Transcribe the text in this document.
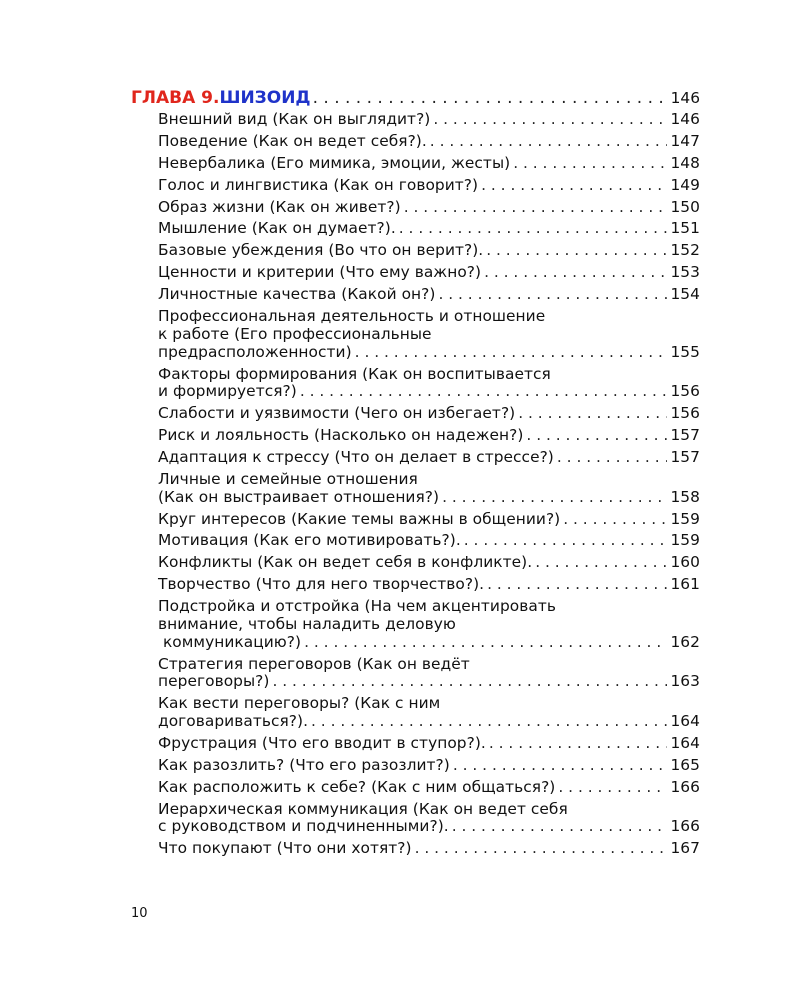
ГЛАВА 9. ШИЗОИД . . .	146
Внешний вид (Как он выглядит?) . . .	146
Поведение (Как он ведет себя?). . . .	147
Невербалика (Его мимика, эмоции, жесты) . . .	148
Голос и лингвистика (Как он говорит?) . . .	149
Образ жизни (Как он живет?) . . .	150
Мышление (Как он думает?). . . .	151
Базовые убеждения (Во что он верит?). . . .	152
Ценности и критерии (Что ему важно?) . . .	153
Личностные качества (Какой он?) . . .	154
Профессиональная деятельность и отношение
к работе (Его профессиональные
предрасположенности) . . .	155
Факторы формирования (Как он воспитывается
и формируется?) . . .	156
Слабости и уязвимости (Чего он избегает?) . . .	156
Риск и лояльность (Насколько он надежен?) . . .	157
Адаптация к стрессу (Что он делает в стрессе?) . . .	157
Личные и семейные отношения
(Как он выстраивает отношения?) . . .	158
Круг интересов (Какие темы важны в общении?) . . .	159
Мотивация (Как его мотивировать?). . . .	159
Конфликты (Как он ведет себя в конфликте). . . .	160
Творчество (Что для него творчество?). . . .	161
Подстройка и отстройка (На чем акцентировать
внимание, чтобы наладить деловую
коммуникацию?) . . .	162
Стратегия переговоров (Как он ведёт
переговоры?) . . .	163
Как вести переговоры? (Как с ним
договариваться?). . . .	164
Фрустрация (Что его вводит в ступор?). . . .	164
Как разозлить? (Что его разозлит?) . . .	165
Как расположить к себе? (Как с ним общаться?) . . .	166
Иерархическая коммуникация (Как он ведет себя
с руководством и подчиненными?). . . .	166
Что покупают (Что они хотят?) . . .	167
10
